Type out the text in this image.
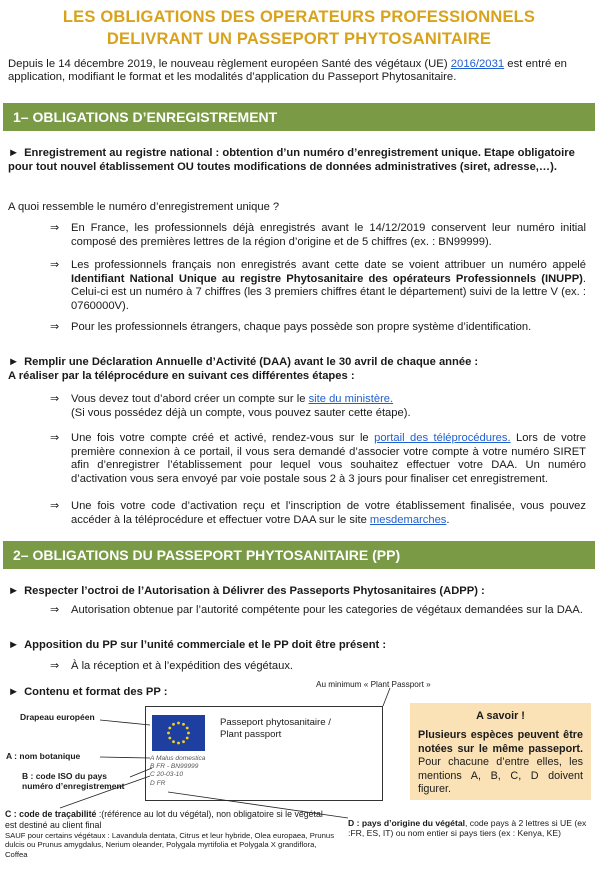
LES OBLIGATIONS DES OPERATEURS PROFESSIONNELS
DELIVRANT UN PASSEPORT PHYTOSANITAIRE
Depuis le 14 décembre 2019, le nouveau règlement européen Santé des végétaux (UE) 2016/2031 est entré en application, modifiant le format et les modalités d’application du Passeport Phytosanitaire.
1– OBLIGATIONS D’ENREGISTREMENT
► Enregistrement au registre national : obtention d’un numéro d’enregistrement unique. Etape obligatoire pour tout nouvel établissement OU toutes modifications de données administratives (siret, adresse,…).
A quoi ressemble le numéro d’enregistrement unique ?
⇒ En France, les professionnels déjà enregistrés avant le 14/12/2019 conservent leur numéro initial composé des premières lettres de la région d’origine et de 5 chiffres (ex. : BN99999).
⇒ Les professionnels français non enregistrés avant cette date se voient attribuer un numéro appelé Identifiant National Unique au registre Phytosanitaire des opérateurs Professionnels (INUPP). Celui-ci est un numéro à 7 chiffres (les 3 premiers chiffres étant le département) suivi de la lettre V (ex. : 0760000V).
⇒ Pour les professionnels étrangers, chaque pays possède son propre système d’identification.
► Remplir une Déclaration Annuelle d’Activité (DAA) avant le 30 avril de chaque année :
A réaliser par la téléprocédure en suivant ces différentes étapes :
⇒ Vous devez tout d’abord créer un compte sur le site du ministère.
(Si vous possédez déjà un compte, vous pouvez sauter cette étape).
⇒ Une fois votre compte créé et activé, rendez-vous sur le portail des téléprocédures. Lors de votre première connexion à ce portail, il vous sera demandé d’associer votre compte à votre numéro SIRET afin d’enregistrer l’établissement pour lequel vous souhaitez effectuer votre DAA. Un numéro d’activation vous sera envoyé par voie postale sous 2 à 3 jours pour finaliser cet enregistrement.
⇒ Une fois votre code d’activation reçu et l’inscription de votre établissement finalisée, vous pouvez accéder à la téléprocédure et effectuer votre DAA sur le site mesdemarches.
2– OBLIGATIONS DU PASSEPORT PHYTOSANITAIRE (PP)
► Respecter l’octroi de l’Autorisation à Délivrer des Passeports Phytosanitaires (ADPP) :
⇒ Autorisation obtenue par l’autorité compétente pour les categories de végétaux demandées sur la DAA.
► Apposition du PP sur l’unité commerciale et le PP doit être présent :
⇒ À la réception et à l’expédition des végétaux.
► Contenu et format des PP :
Au minimum « Plant Passport »
Passeport phytosanitaire /
Plant passport
A Malus domestica
B FR - BN99999
C 20-03-10
D FR
Drapeau européen
A : nom botanique
B : code ISO du pays
numéro d’enregistrement
C : code de traçabilité :(référence au lot du végétal), non obligatoire si le végétal est destiné au client final
SAUF pour certains végétaux : Lavandula dentata, Citrus et leur hybride, Olea europaea, Prunus dulcis ou Prunus amygdalus, Nerium oleander, Polygala myrtifolia et Polygala X grandiflora, Coffea
D : pays d’origine du végétal, code pays à 2 lettres si UE (ex :FR, ES, IT) ou nom entier si pays tiers (ex : Kenya, KE)
A savoir !
Plusieurs espèces peuvent être notées sur le même passeport. Pour chacune d’entre elles, les mentions A, B, C, D doivent figurer.
